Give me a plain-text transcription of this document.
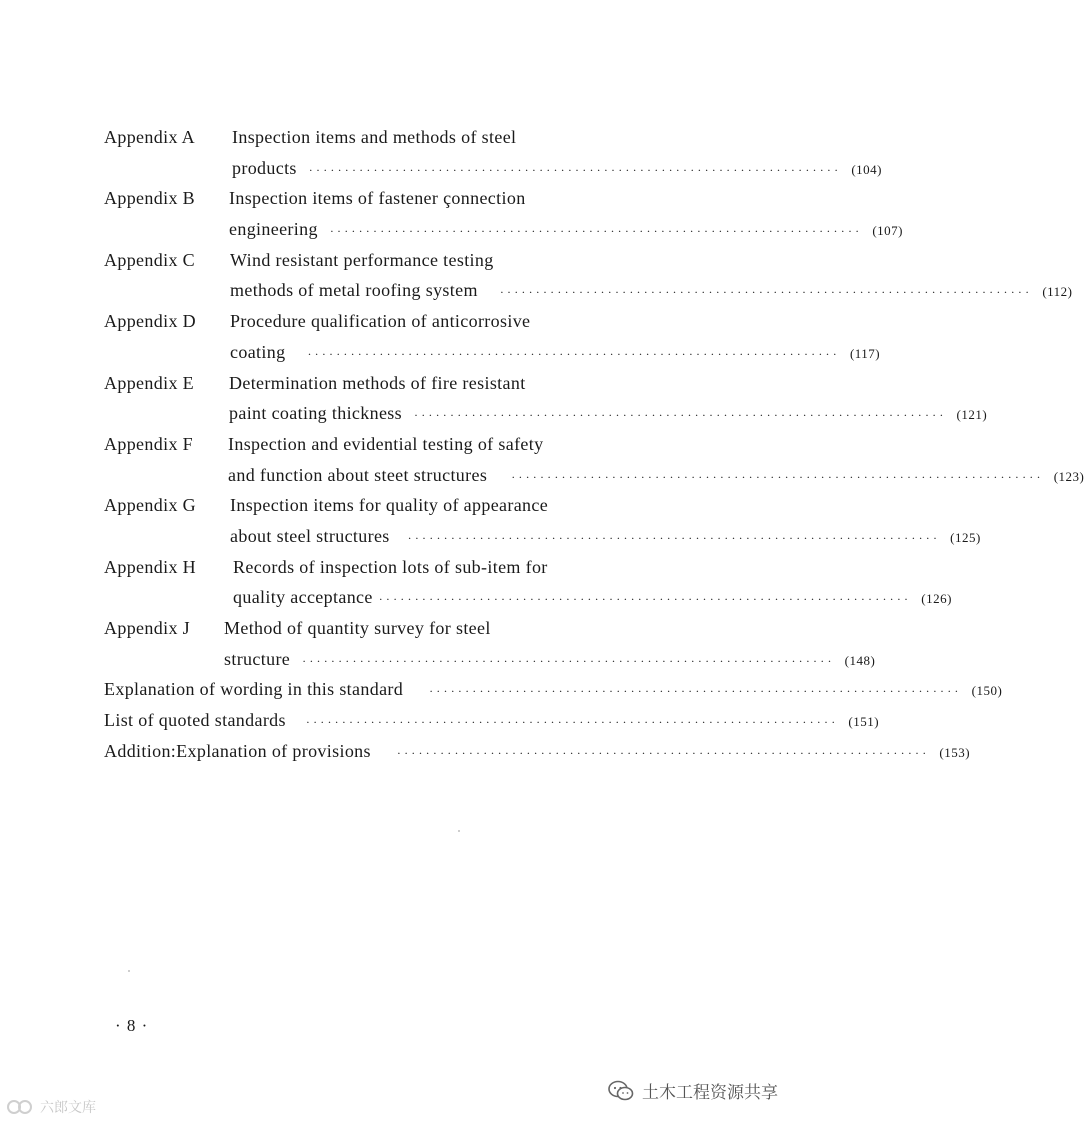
Appendix A Inspection items and methods of steel
products ·········································································· (104)
Appendix B Inspection items of fastener çonnection
engineering ·········································································· (107)
Appendix C Wind resistant performance testing
methods of metal roofing system ·········································································· (112)
Appendix D Procedure qualification of anticorrosive
coating ·········································································· (117)
Appendix E Determination methods of fire resistant
paint coating thickness ·········································································· (121)
Appendix F Inspection and evidential testing of safety
and function about steet structures ·········································································· (123)
Appendix G Inspection items for quality of appearance
about steel structures ·········································································· (125)
Appendix H Records of inspection lots of sub-item for
quality acceptance ·········································································· (126)
Appendix J Method of quantity survey for steel
structure ·········································································· (148)
Explanation of wording in this standard ·········································································· (150)
List of quoted standards ·········································································· (151)
Addition:Explanation of provisions ·········································································· (153)
· 8 ·
六郎文库
土木工程资源共享
